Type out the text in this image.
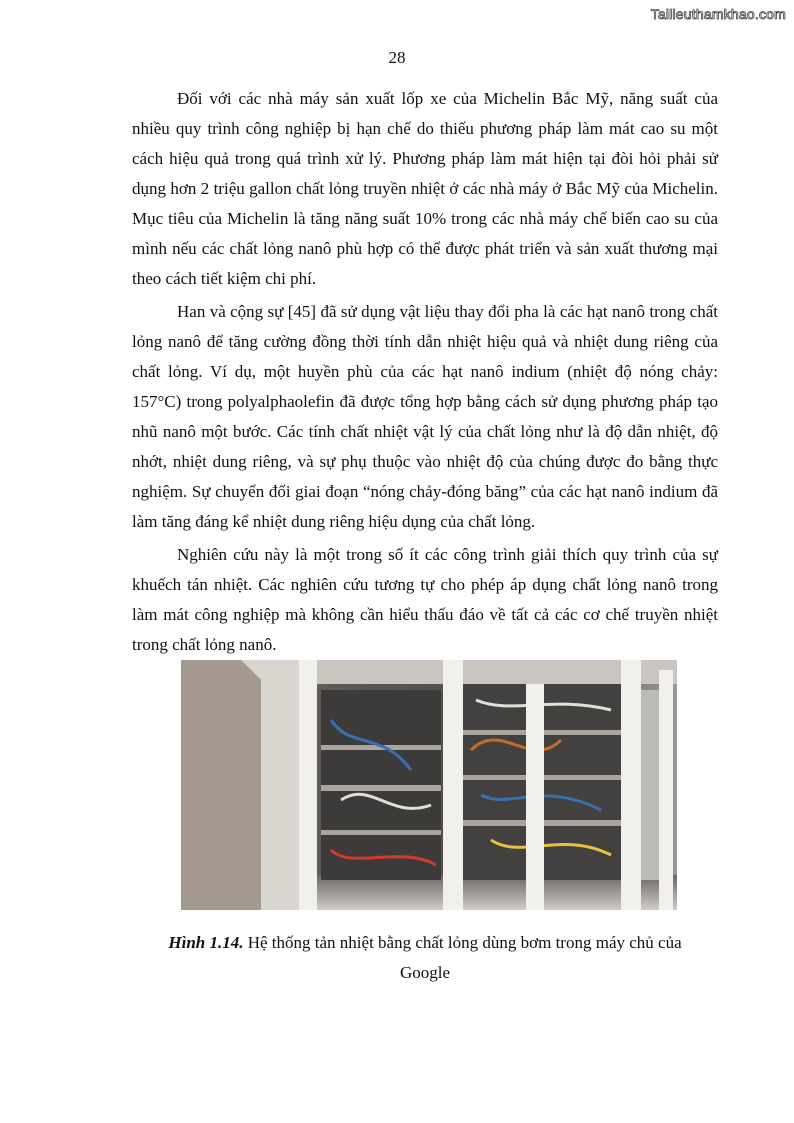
Tailieuthamkhao.com
28

Đối với các nhà máy sản xuất lốp xe của Michelin Bắc Mỹ, năng suất của nhiều quy trình công nghiệp bị hạn chế do thiếu phương pháp làm mát cao su một cách hiệu quả trong quá trình xử lý. Phương pháp làm mát hiện tại đòi hỏi phải sử dụng hơn 2 triệu gallon chất lỏng truyền nhiệt ở các nhà máy ở Bắc Mỹ của Michelin. Mục tiêu của Michelin là tăng năng suất 10% trong các nhà máy chế biến cao su của mình nếu các chất lỏng nanô phù hợp có thể được phát triển và sản xuất thương mại theo cách tiết kiệm chi phí.

Han và cộng sự [45] đã sử dụng vật liệu thay đổi pha là các hạt nanô trong chất lỏng nanô để tăng cường đồng thời tính dẫn nhiệt hiệu quả và nhiệt dung riêng của chất lỏng. Ví dụ, một huyền phù của các hạt nanô indium (nhiệt độ nóng chảy: 157°C) trong polyalphaolefin đã được tổng hợp bằng cách sử dụng phương pháp tạo nhũ nanô một bước. Các tính chất nhiệt vật lý của chất lỏng như là độ dẫn nhiệt, độ nhớt, nhiệt dung riêng, và sự phụ thuộc vào nhiệt độ của chúng được đo bằng thực nghiệm. Sự chuyển đổi giai đoạn “nóng chảy-đóng băng” của các hạt nanô indium đã làm tăng đáng kể nhiệt dung riêng hiệu dụng của chất lỏng.

Nghiên cứu này là một trong số ít các công trình giải thích quy trình của sự khuếch tán nhiệt. Các nghiên cứu tương tự cho phép áp dụng chất lỏng nanô trong làm mát công nghiệp mà không cần hiểu thấu đáo về tất cả các cơ chế truyền nhiệt trong chất lỏng nanô.

Hình 1.14. Hệ thống tản nhiệt bằng chất lỏng dùng bơm trong máy chủ của Google
